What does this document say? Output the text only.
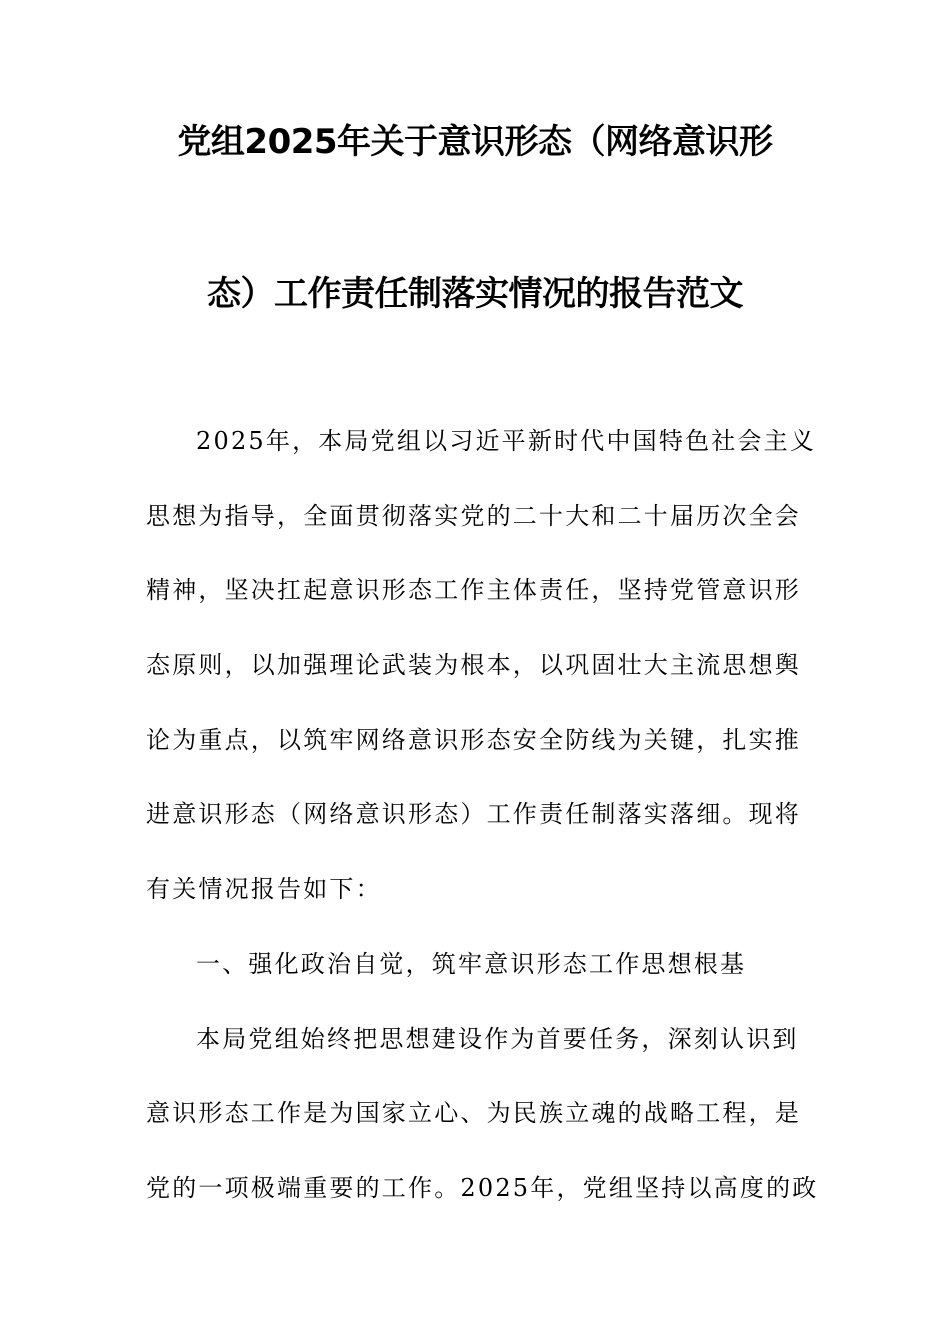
党组2025年关于意识形态（网络意识形
态）工作责任制落实情况的报告范文
2025年，本局党组以习近平新时代中国特色社会主义
思想为指导，全面贯彻落实党的二十大和二十届历次全会
精神，坚决扛起意识形态工作主体责任，坚持党管意识形
态原则，以加强理论武装为根本，以巩固壮大主流思想舆
论为重点，以筑牢网络意识形态安全防线为关键，扎实推
进意识形态（网络意识形态）工作责任制落实落细。现将
有关情况报告如下：
一、强化政治自觉，筑牢意识形态工作思想根基
本局党组始终把思想建设作为首要任务，深刻认识到
意识形态工作是为国家立心、为民族立魂的战略工程，是
党的一项极端重要的工作。2025年，党组坚持以高度的政
